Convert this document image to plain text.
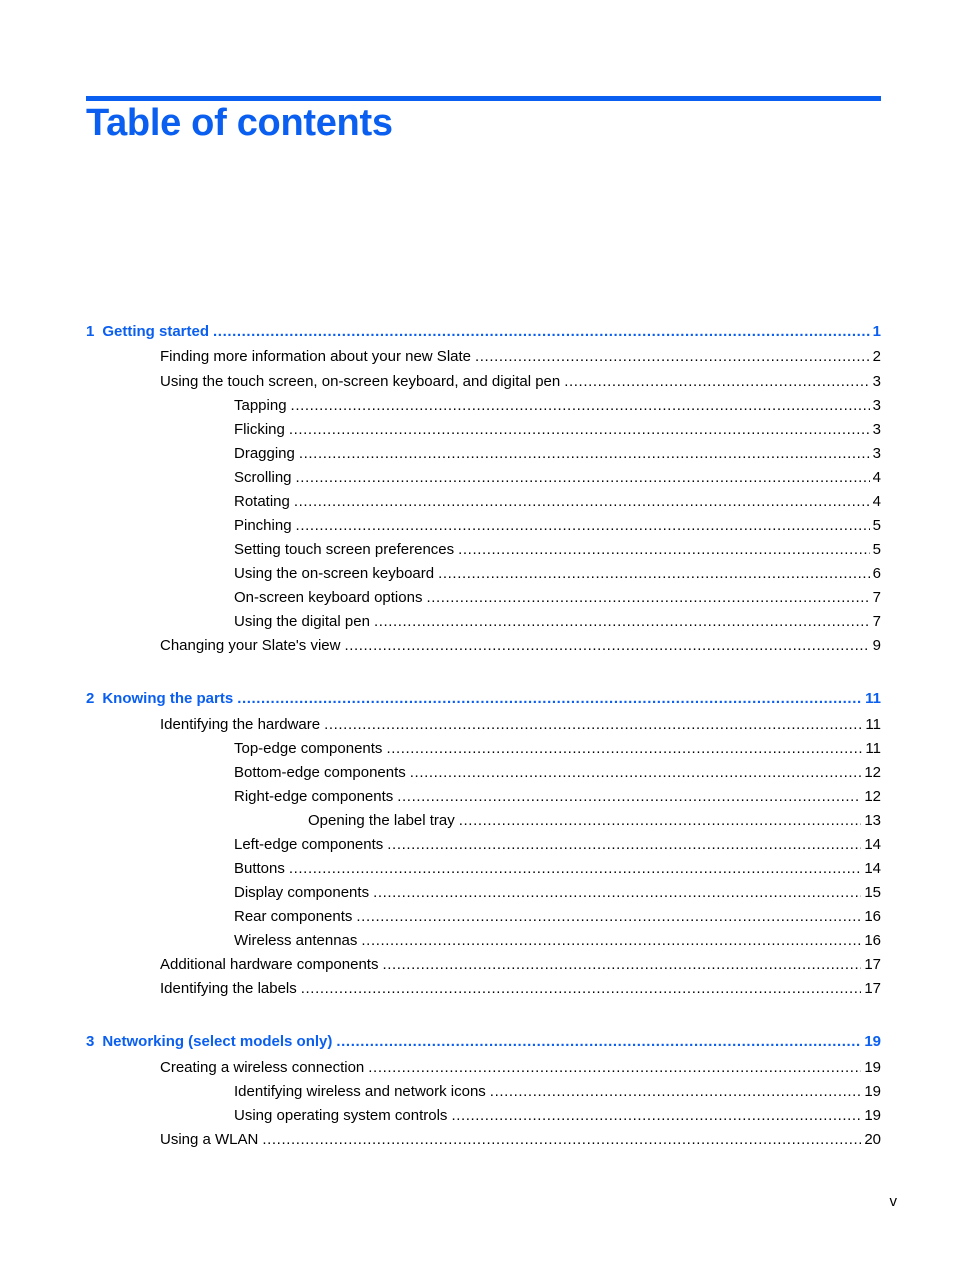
Table of contents
1 Getting started .....	1
Finding more information about your new Slate .....	2
Using the touch screen, on-screen keyboard, and digital pen .....	3
Tapping .....	3
Flicking .....	3
Dragging .....	3
Scrolling .....	4
Rotating .....	4
Pinching .....	5
Setting touch screen preferences .....	5
Using the on-screen keyboard .....	6
On-screen keyboard options .....	7
Using the digital pen .....	7
Changing your Slate's view .....	9
2 Knowing the parts .....	11
Identifying the hardware .....	11
Top-edge components .....	11
Bottom-edge components .....	12
Right-edge components .....	12
Opening the label tray .....	13
Left-edge components .....	14
Buttons .....	14
Display components .....	15
Rear components .....	16
Wireless antennas .....	16
Additional hardware components .....	17
Identifying the labels .....	17
3 Networking (select models only) .....	19
Creating a wireless connection .....	19
Identifying wireless and network icons .....	19
Using operating system controls .....	19
Using a WLAN .....	20
v
